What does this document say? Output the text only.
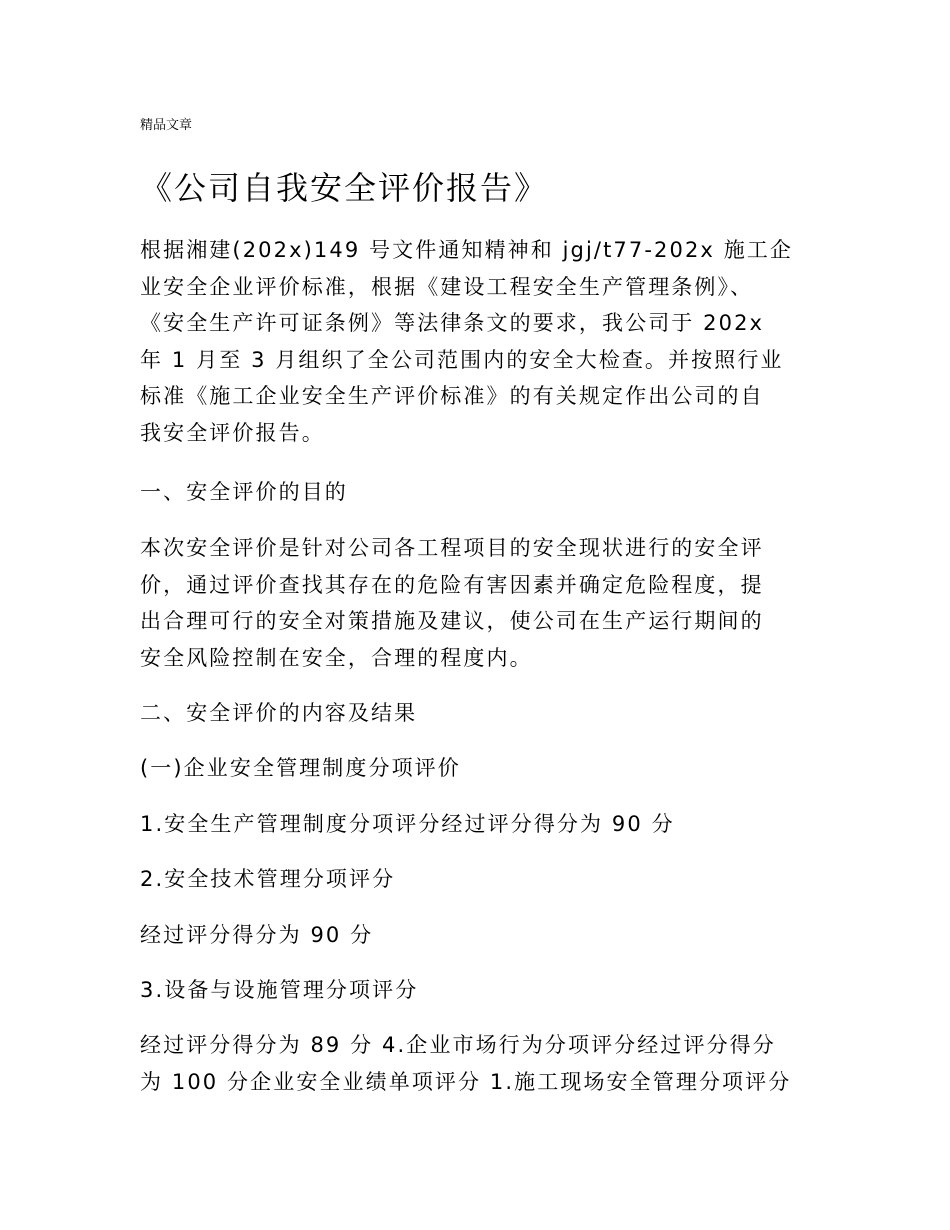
精品文章
《公司自我安全评价报告》
根据湘建(202x)149 号文件通知精神和 jgj/t77-202x 施工企
业安全企业评价标准，根据《建设工程安全生产管理条例》、
《安全生产许可证条例》等法律条文的要求，我公司于 202x
年 1 月至 3 月组织了全公司范围内的安全大检查。并按照行业
标准《施工企业安全生产评价标准》的有关规定作出公司的自
我安全评价报告。
一、安全评价的目的
本次安全评价是针对公司各工程项目的安全现状进行的安全评
价，通过评价查找其存在的危险有害因素并确定危险程度，提
出合理可行的安全对策措施及建议，使公司在生产运行期间的
安全风险控制在安全，合理的程度内。
二、安全评价的内容及结果
(一)企业安全管理制度分项评价
1.安全生产管理制度分项评分经过评分得分为 90 分
2.安全技术管理分项评分
经过评分得分为 90 分
3.设备与设施管理分项评分
经过评分得分为 89 分 4.企业市场行为分项评分经过评分得分
为 100 分企业安全业绩单项评分 1.施工现场安全管理分项评分
